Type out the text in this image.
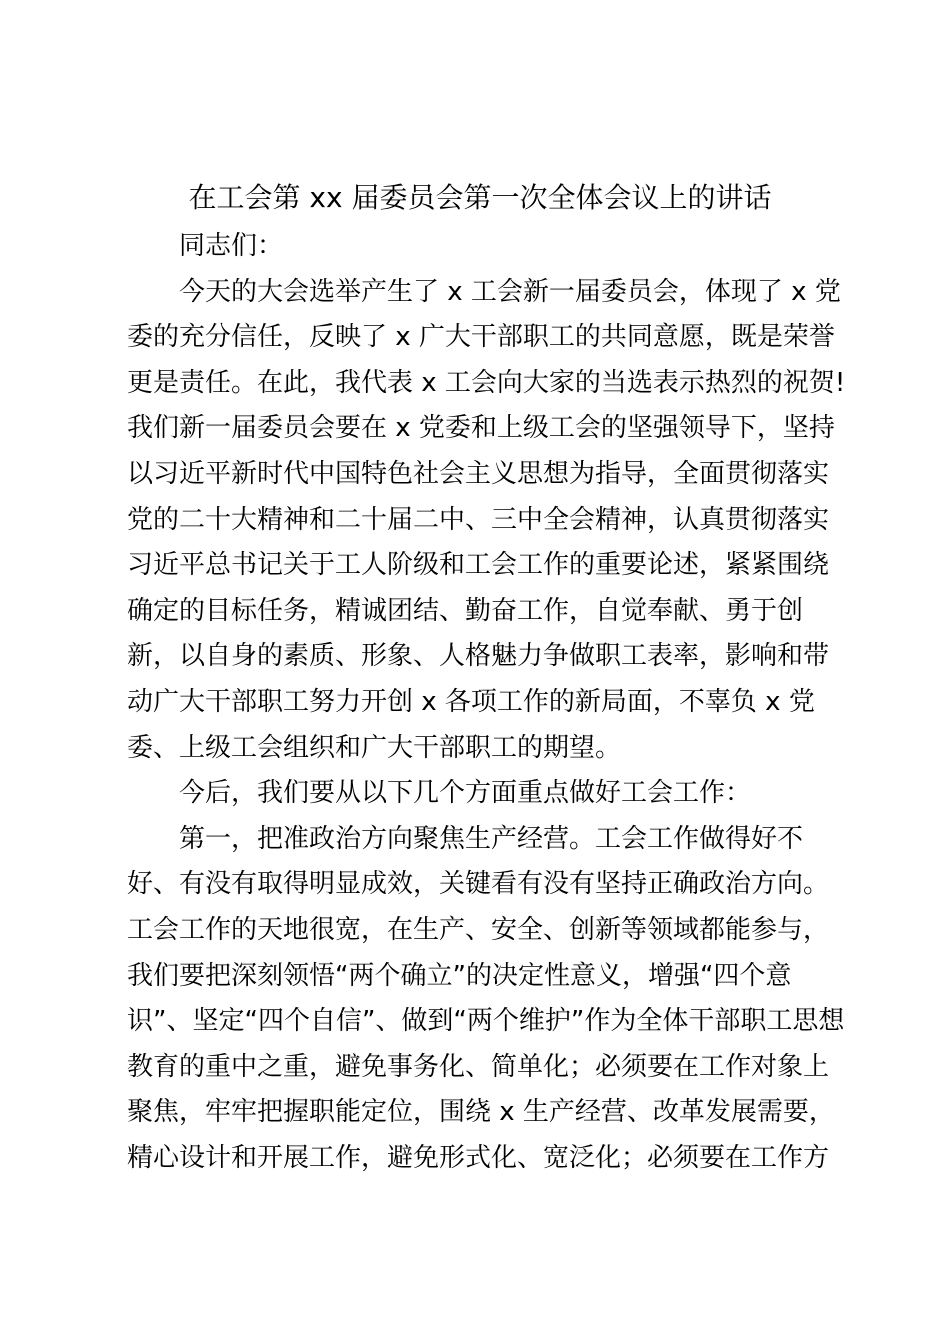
在工会第 xx 届委员会第一次全体会议上的讲话
同志们：
今天的大会选举产生了 x 工会新一届委员会，体现了 x 党
委的充分信任，反映了 x 广大干部职工的共同意愿，既是荣誉
更是责任。在此，我代表 x 工会向大家的当选表示热烈的祝贺!
我们新一届委员会要在 x 党委和上级工会的坚强领导下，坚持
以习近平新时代中国特色社会主义思想为指导，全面贯彻落实
党的二十大精神和二十届二中、三中全会精神，认真贯彻落实
习近平总书记关于工人阶级和工会工作的重要论述，紧紧围绕
确定的目标任务，精诚团结、勤奋工作，自觉奉献、勇于创
新，以自身的素质、形象、人格魅力争做职工表率，影响和带
动广大干部职工努力开创 x 各项工作的新局面，不辜负 x 党
委、上级工会组织和广大干部职工的期望。
今后，我们要从以下几个方面重点做好工会工作：
第一，把准政治方向聚焦生产经营。工会工作做得好不
好、有没有取得明显成效，关键看有没有坚持正确政治方向。
工会工作的天地很宽，在生产、安全、创新等领域都能参与，
我们要把深刻领悟“两个确立”的决定性意义，增强“四个意
识”、坚定“四个自信”、做到“两个维护”作为全体干部职工思想
教育的重中之重，避免事务化、简单化；必须要在工作对象上
聚焦，牢牢把握职能定位，围绕 x 生产经营、改革发展需要，
精心设计和开展工作，避免形式化、宽泛化；必须要在工作方
